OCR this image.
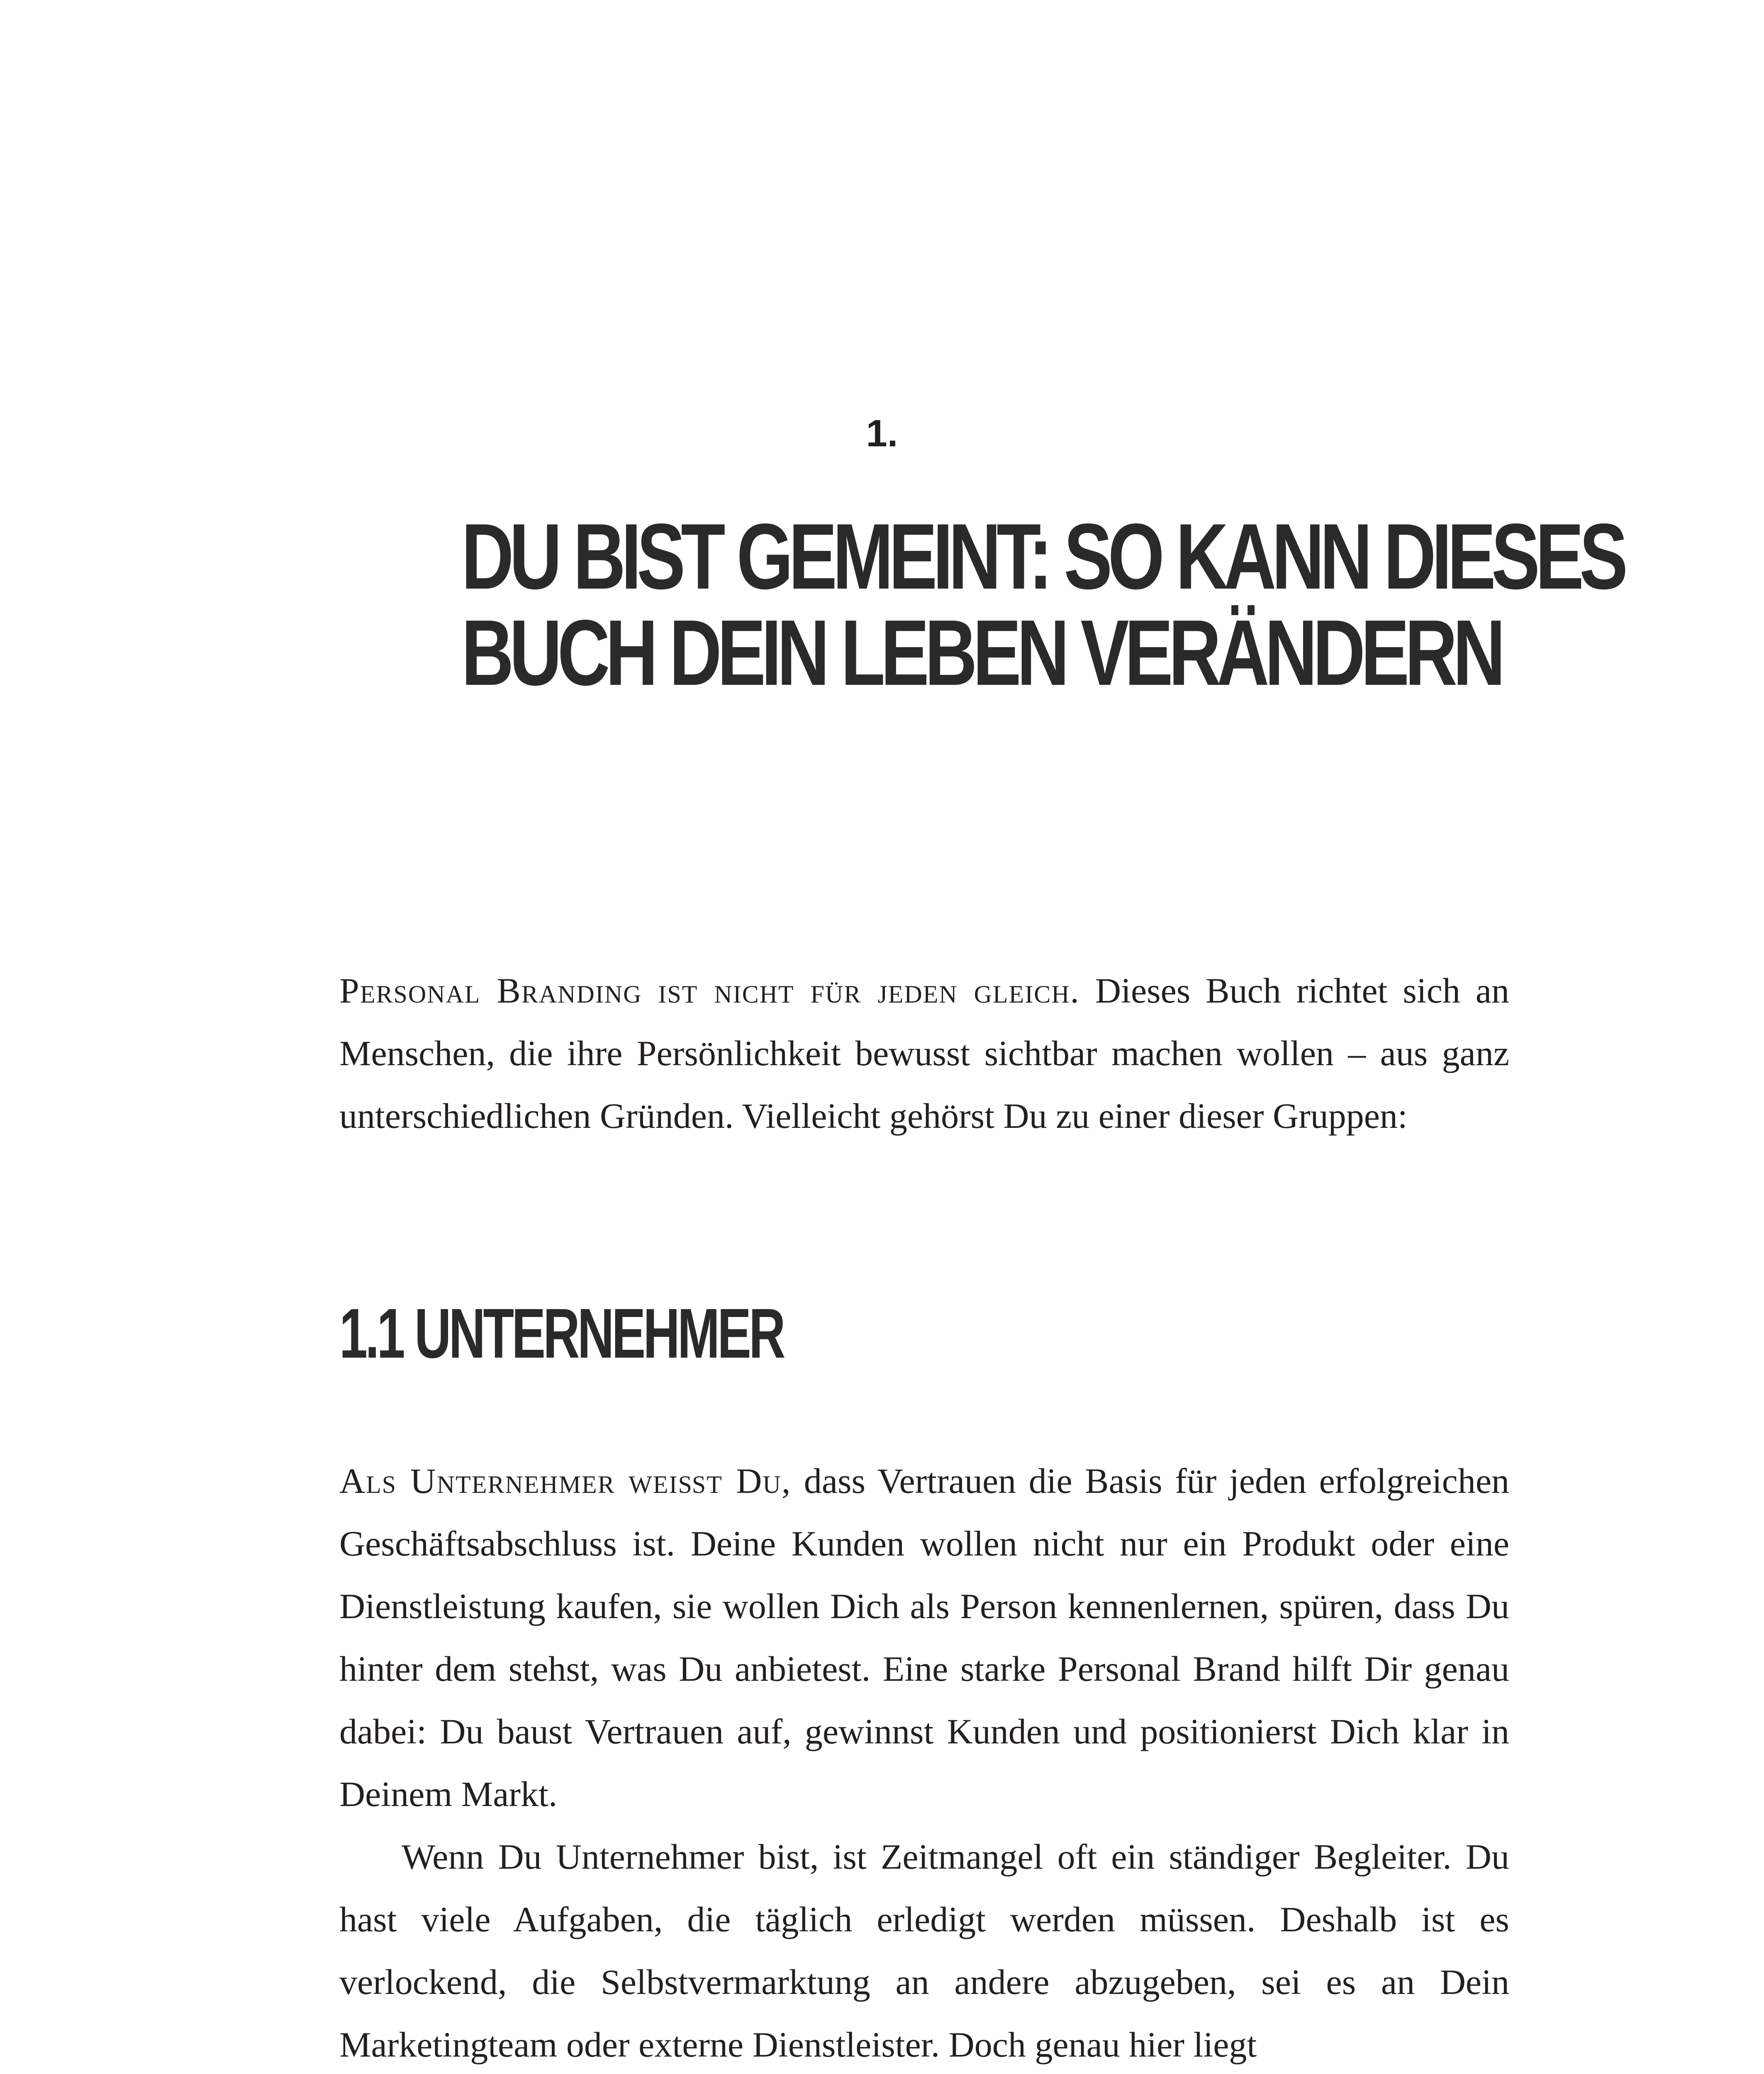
1.
DU BIST GEMEINT: SO KANN DIESES
BUCH DEIN LEBEN VERÄNDERN

Personal Branding ist nicht für jeden gleich. Dieses Buch richtet sich an Menschen, die ihre Persönlichkeit bewusst sichtbar machen wollen – aus ganz unterschiedlichen Gründen. Vielleicht gehörst Du zu einer dieser Gruppen:

1.1 UNTERNEHMER

Als Unternehmer weißt Du, dass Vertrauen die Basis für jeden erfolgreichen Geschäftsabschluss ist. Deine Kunden wollen nicht nur ein Produkt oder eine Dienstleistung kaufen, sie wollen Dich als Person kennenlernen, spüren, dass Du hinter dem stehst, was Du anbietest. Eine starke Personal Brand hilft Dir genau dabei: Du baust Vertrauen auf, gewinnst Kunden und positionierst Dich klar in Deinem Markt.

Wenn Du Unternehmer bist, ist Zeitmangel oft ein ständiger Begleiter. Du hast viele Aufgaben, die täglich erledigt werden müssen. Deshalb ist es verlockend, die Selbstvermarktung an andere abzugeben, sei es an Dein Marketingteam oder externe Dienstleister. Doch genau hier liegt
